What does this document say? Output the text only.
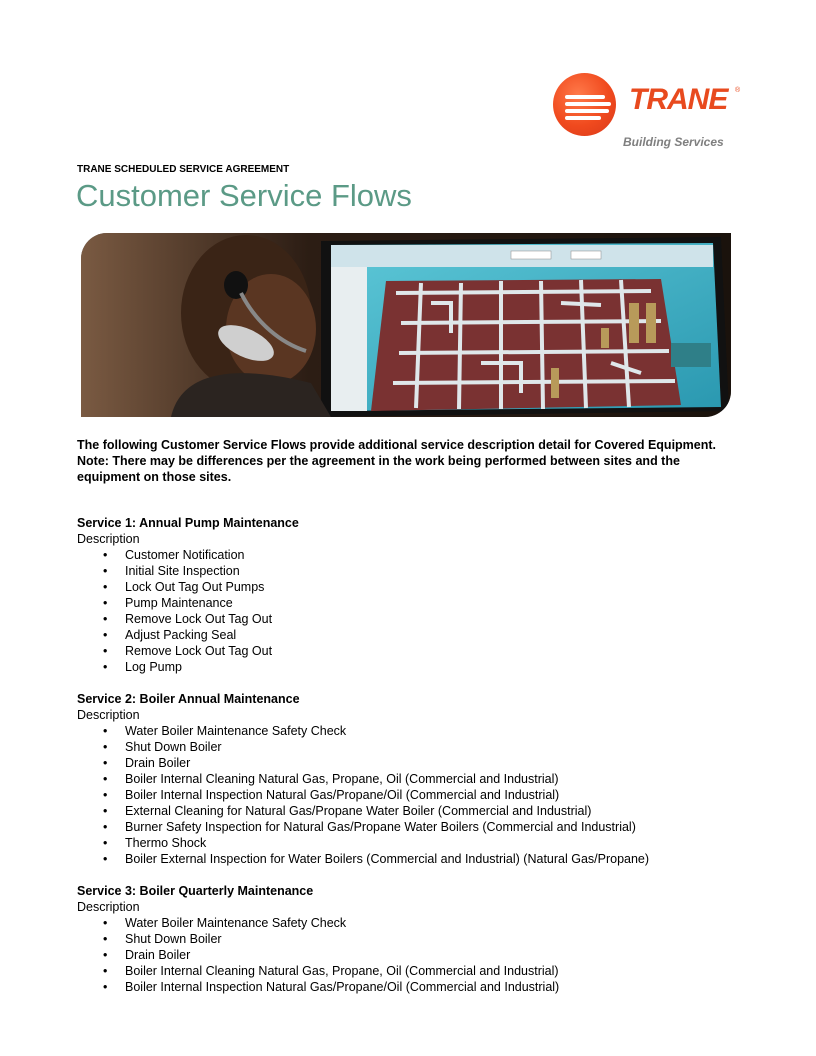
TRANE ®
Building Services
TRANE SCHEDULED SERVICE AGREEMENT
Customer Service Flows

The following Customer Service Flows provide additional service description detail for Covered Equipment.

Note: There may be differences per the agreement in the work being performed between sites and the equipment on those sites.

Service 1: Annual Pump Maintenance
Description
• Customer Notification
• Initial Site Inspection
• Lock Out Tag Out Pumps
• Pump Maintenance
• Remove Lock Out Tag Out
• Adjust Packing Seal
• Remove Lock Out Tag Out
• Log Pump
Service 2: Boiler Annual Maintenance
Description
• Water Boiler Maintenance Safety Check
• Shut Down Boiler
• Drain Boiler
• Boiler Internal Cleaning Natural Gas, Propane, Oil (Commercial and Industrial)
• Boiler Internal Inspection Natural Gas/Propane/Oil (Commercial and Industrial)
• External Cleaning for Natural Gas/Propane Water Boiler (Commercial and Industrial)
• Burner Safety Inspection for Natural Gas/Propane Water Boilers (Commercial and Industrial)
• Thermo Shock
• Boiler External Inspection for Water Boilers (Commercial and Industrial) (Natural Gas/Propane)
Service 3: Boiler Quarterly Maintenance
Description
• Water Boiler Maintenance Safety Check
• Shut Down Boiler
• Drain Boiler
• Boiler Internal Cleaning Natural Gas, Propane, Oil (Commercial and Industrial)
• Boiler Internal Inspection Natural Gas/Propane/Oil (Commercial and Industrial)
